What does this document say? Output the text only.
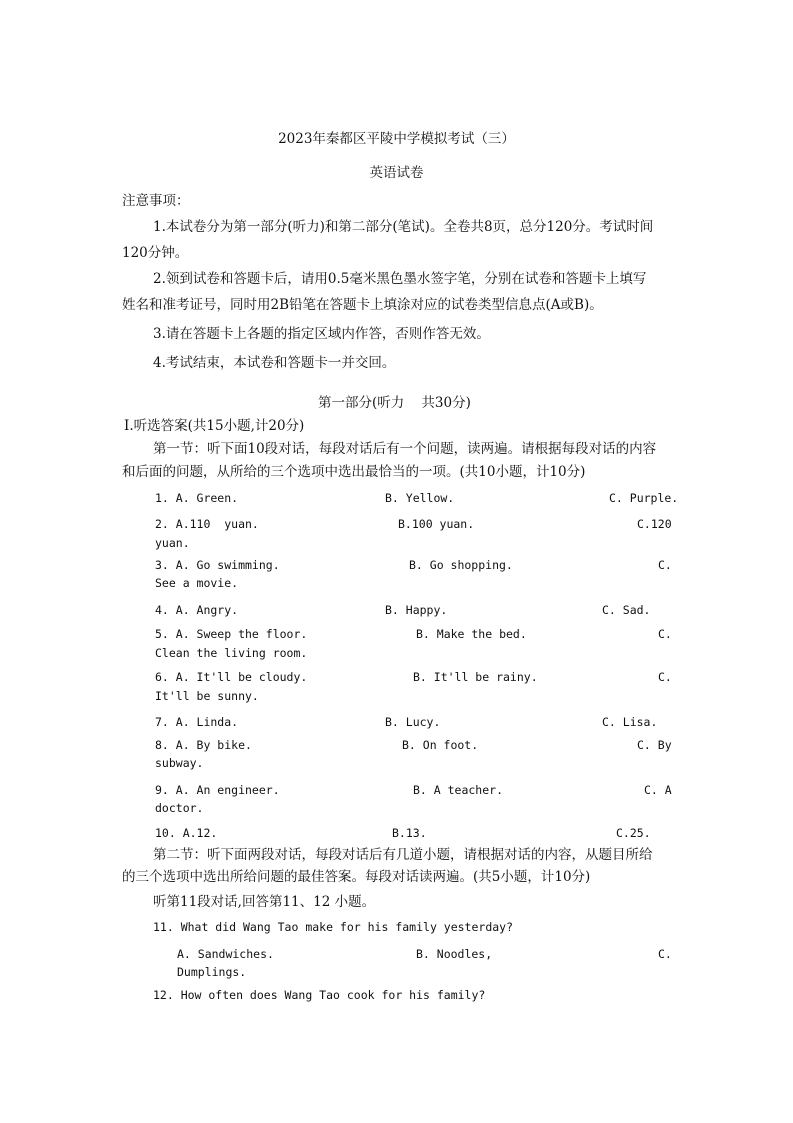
2023年秦都区平陵中学模拟考试（三）
英语试卷
注意事项：
1.本试卷分为第一部分(听力)和第二部分(笔试)。全卷共8页，总分120分。考试时间
120分钟。
2.领到试卷和答题卡后，请用0.5毫米黑色墨水签字笔，分别在试卷和答题卡上填写
姓名和准考证号，同时用2B铅笔在答题卡上填涂对应的试卷类型信息点(A或B)。
3.请在答题卡上各题的指定区域内作答，否则作答无效。
4.考试结束，本试卷和答题卡一并交回。
第一部分(听力    共30分)
Ⅰ.听选答案(共15小题,计20分)
第一节：听下面10段对话，每段对话后有一个问题，读两遍。请根据每段对话的内容
和后面的问题，从所给的三个选项中选出最恰当的一项。(共10小题，计10分)
1. A. Green.	B. Yellow.	C. Purple.
2. A.110  yuan.	B.100 yuan.	C.120
yuan.
3. A. Go swimming.	B. Go shopping.	C.
See a movie.
4. A. Angry.	B. Happy.	C. Sad.
5. A. Sweep the floor.	B. Make the bed.	C.
Clean the living room.
6. A. It'll be cloudy.	B. It'll be rainy.	C.
It'll be sunny.
7. A. Linda.	B. Lucy.	C. Lisa.
8. A. By bike.	B. On foot.	C. By
subway.
9. A. An engineer.	B. A teacher.	C. A
doctor.
10. A.12.	B.13.	C.25.
第二节：听下面两段对话，每段对话后有几道小题，请根据对话的内容，从题目所给
的三个选项中选出所给问题的最佳答案。每段对话读两遍。(共5小题，计10分)
听第11段对话,回答第11、12 小题。
11. What did Wang Tao make for his family yesterday?
A. Sandwiches.	B. Noodles,	C.
Dumplings.
12. How often does Wang Tao cook for his family?
